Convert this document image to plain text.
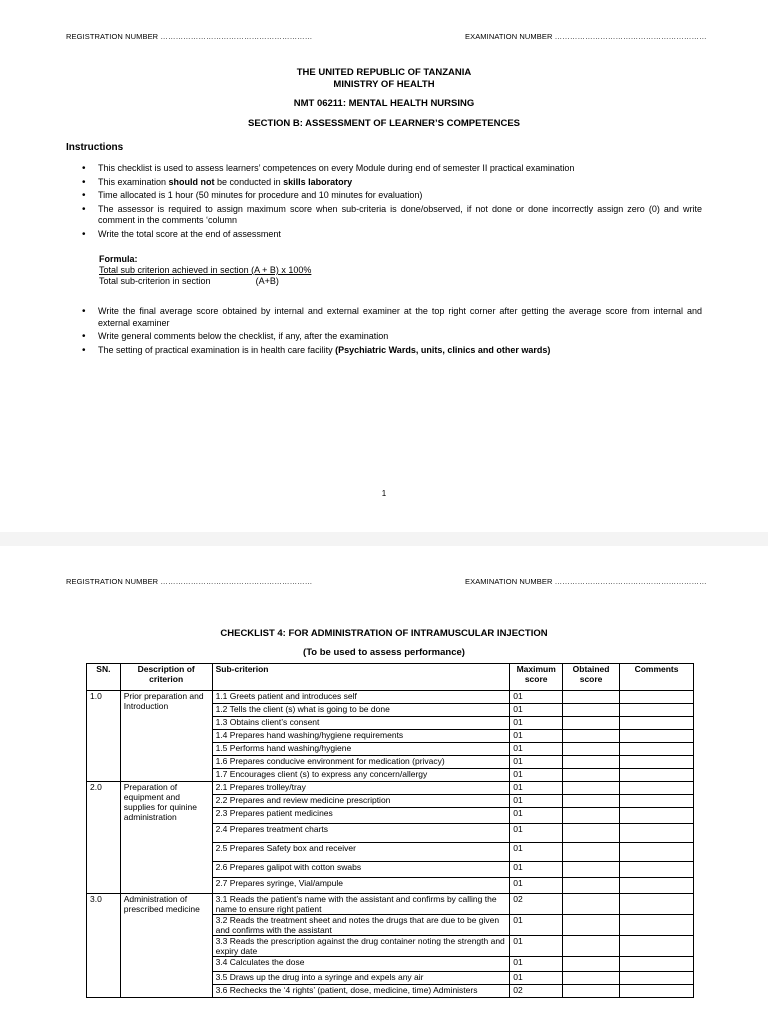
REGISTRATION NUMBER ……………………………………………………	EXAMINATION NUMBER ……………………………………………………
THE UNITED REPUBLIC OF TANZANIA
MINISTRY OF HEALTH
NMT 06211: MENTAL HEALTH NURSING
SECTION B: ASSESSMENT OF LEARNER’S COMPETENCES
Instructions
• This checklist is used to assess learners’ competences on every Module during end of semester II practical examination
• This examination should not be conducted in skills laboratory
• Time allocated is 1 hour (50 minutes for procedure and 10 minutes for evaluation)
• The assessor is required to assign maximum score when sub-criteria is done/observed, if not done or done incorrectly assign zero (0) and write comment in the comments ‘column
• Write the total score at the end of assessment
Formula:
Total sub criterion achieved in section (A + B) x 100%
Total sub-criterion in section	(A+B)
• Write the final average score obtained by internal and external examiner at the top right corner after getting the average score from internal and external examiner
• Write general comments below the checklist, if any, after the examination
• The setting of practical examination is in health care facility (Psychiatric Wards, units, clinics and other wards)
1
REGISTRATION NUMBER ……………………………………………………	EXAMINATION NUMBER ……………………………………………………
CHECKLIST 4: FOR ADMINISTRATION OF INTRAMUSCULAR INJECTION
(To be used to assess performance)
SN.	Description of criterion	Sub-criterion	Maximum score	Obtained score	Comments
1.0	Prior preparation and Introduction	1.1 Greets patient and introduces self	01		
		1.2 Tells the client (s) what is going to be done	01		
		1.3 Obtains client’s consent	01		
		1.4 Prepares hand washing/hygiene requirements	01		
		1.5 Performs hand washing/hygiene	01		
		1.6 Prepares conducive environment for medication (privacy)	01		
		1.7 Encourages client (s) to express any concern/allergy	01		
2.0	Preparation of equipment and supplies for quinine administration	2.1 Prepares trolley/tray	01		
		2.2 Prepares and review medicine prescription	01		
		2.3 Prepares patient medicines	01		
		2.4 Prepares treatment charts	01		
		2.5 Prepares Safety box and receiver	01		
		2.6 Prepares galipot with cotton swabs	01		
		2.7 Prepares syringe, Vial/ampule	01		
3.0	Administration of prescribed medicine	3.1 Reads the patient’s name with the assistant and confirms by calling the name to ensure right patient	02		
		3.2 Reads the treatment sheet and notes the drugs that are due to be given and confirms with the assistant	01		
		3.3 Reads the prescription against the drug container noting the strength and expiry date	01		
		3.4 Calculates the dose	01		
		3.5 Draws up the drug into a syringe and expels any air	01		
		3.6 Rechecks the ‘4 rights’ (patient, dose, medicine, time) Administers	02		
